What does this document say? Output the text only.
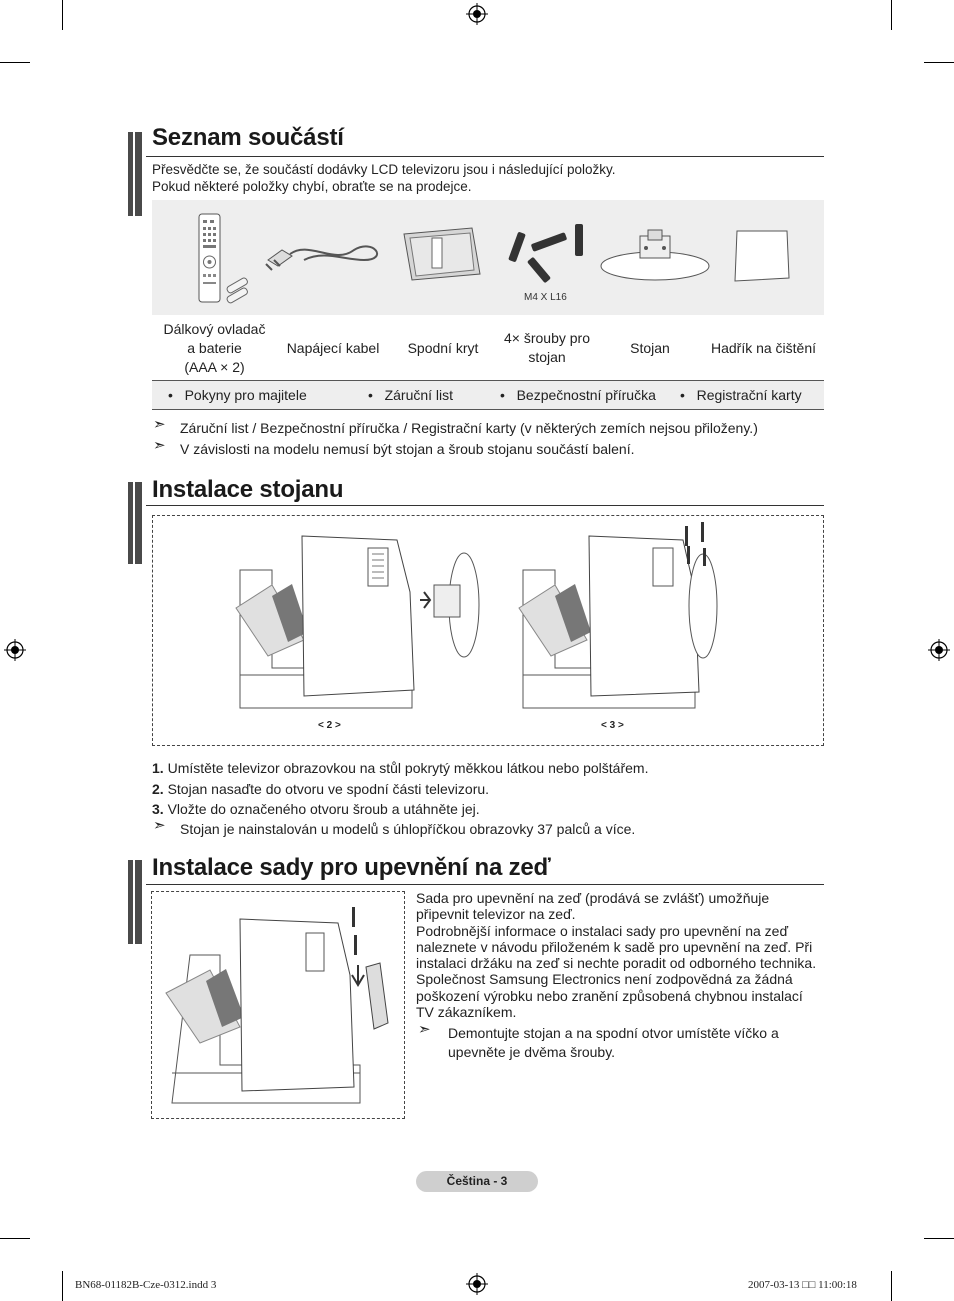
Seznam součástí
Přesvědčte se, že součástí dodávky LCD televizoru jsou i následující položky.
Pokud některé položky chybí, obraťte se na prodejce.
M4 X L16
Dálkový ovladač
a baterie
(AAA × 2)
Napájecí kabel	Spodní kryt
4× šrouby pro
stojan
Stojan	Hadřík na čištění
•   Pokyny pro majitele	•   Záruční list	•   Bezpečnostní příručka •   Registrační karty
➣ Záruční list / Bezpečnostní příručka / Registrační karty (v některých zemích nejsou přiloženy.)
➣ V závislosti na modelu nemusí být stojan a šroub stojanu součástí balení.
Instalace stojanu
< 2 >	< 3 >
1. Umístěte televizor obrazovkou na stůl pokrytý měkkou látkou nebo polštářem.
2. Stojan nasaďte do otvoru ve spodní části televizoru.
3. Vložte do označeného otvoru šroub a utáhněte jej.
➣ Stojan je nainstalován u modelů s úhlopříčkou obrazovky 37 palců a více.
Instalace sady pro upevnění na zeď
Sada pro upevnění na zeď (prodává se zvlášť) umožňuje
připevnit televizor na zeď.
Podrobnější informace o instalaci sady pro upevnění na zeď
naleznete v návodu přiloženém k sadě pro upevnění na zeď. Při
instalaci držáku na zeď si nechte poradit od odborného technika.
Společnost Samsung Electronics není zodpovědná za žádná
poškození výrobku nebo zranění způsobená chybnou instalací
TV zákazníkem.
➣ Demontujte stojan a na spodní otvor umístěte víčko a
upevněte je dvěma šrouby.
Čeština - 3
BN68-01182B-Cze-0312.indd 3	2007-03-13 □□ 11:00:18
